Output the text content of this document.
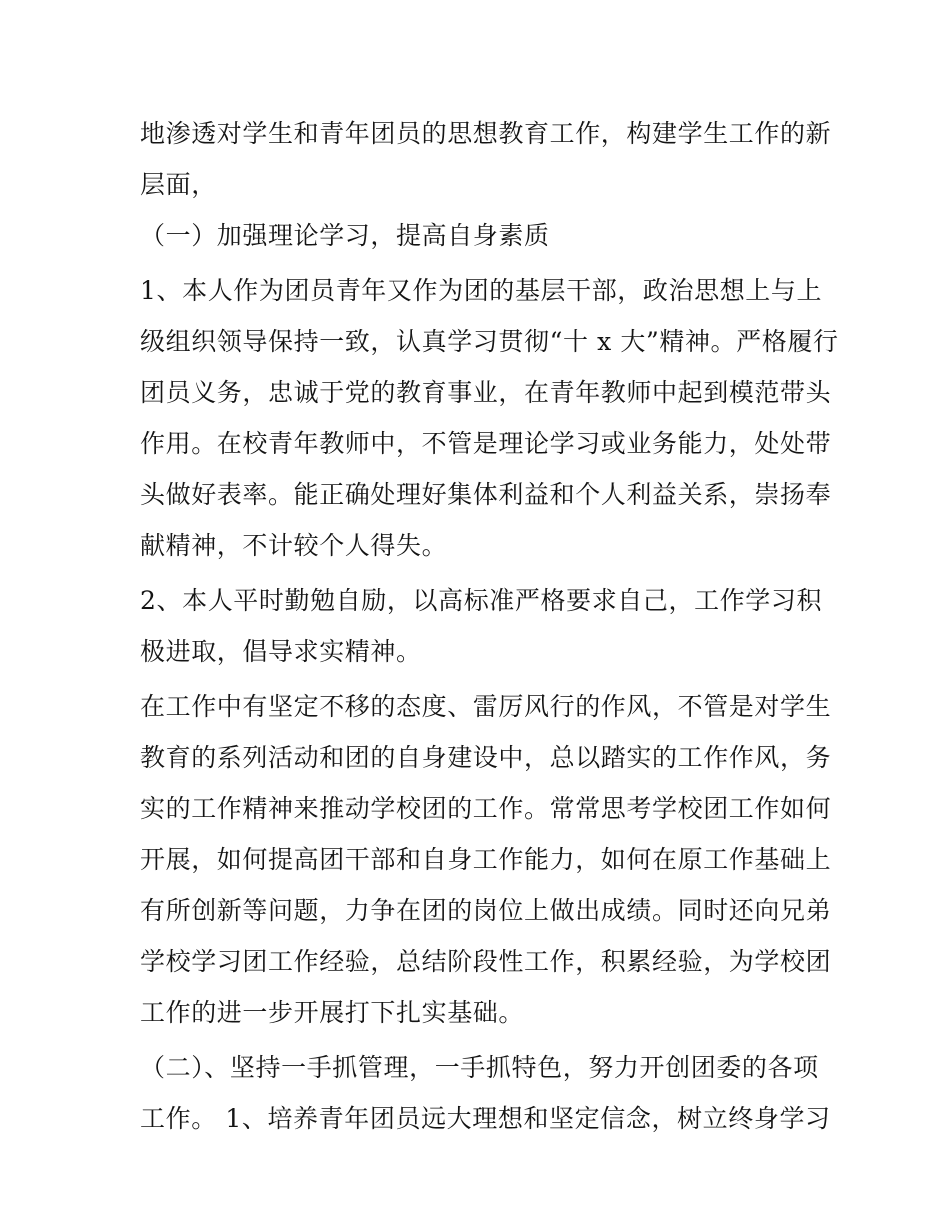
地渗透对学生和青年团员的思想教育工作，构建学生工作的新
层面，
（一）加强理论学习，提高自身素质
1、本人作为团员青年又作为团的基层干部，政治思想上与上
级组织领导保持一致，认真学习贯彻“十 x 大”精神。严格履行
团员义务，忠诚于党的教育事业，在青年教师中起到模范带头
作用。在校青年教师中，不管是理论学习或业务能力，处处带
头做好表率。能正确处理好集体利益和个人利益关系，崇扬奉
献精神，不计较个人得失。
2、本人平时勤勉自励，以高标准严格要求自己，工作学习积
极进取，倡导求实精神。
在工作中有坚定不移的态度、雷厉风行的作风，不管是对学生
教育的系列活动和团的自身建设中，总以踏实的工作作风，务
实的工作精神来推动学校团的工作。常常思考学校团工作如何
开展，如何提高团干部和自身工作能力，如何在原工作基础上
有所创新等问题，力争在团的岗位上做出成绩。同时还向兄弟
学校学习团工作经验，总结阶段性工作，积累经验，为学校团
工作的进一步开展打下扎实基础。
（二）、坚持一手抓管理，一手抓特色，努力开创团委的各项
工作。 1、培养青年团员远大理想和坚定信念，树立终身学习
